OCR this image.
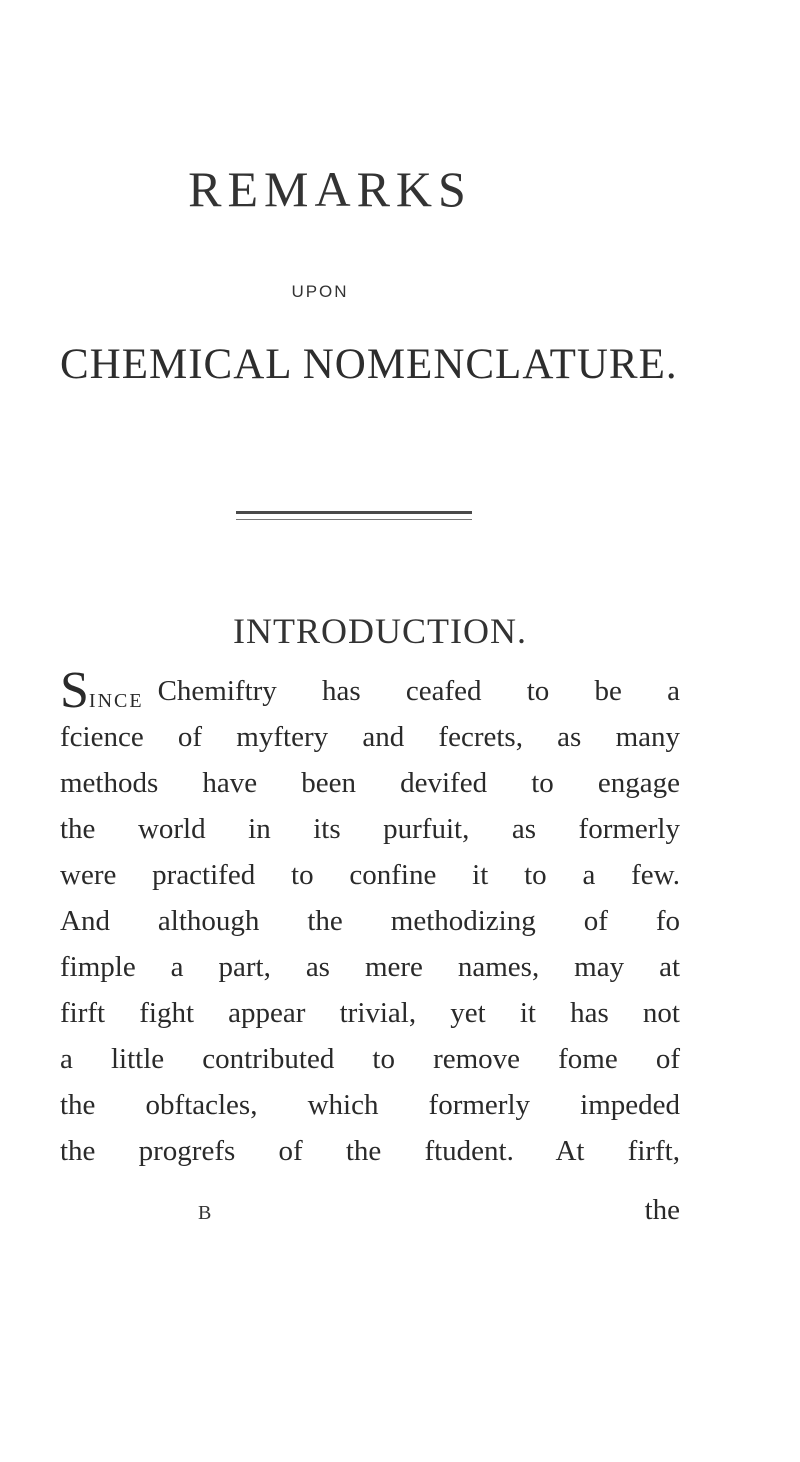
REMARKS
UPON
CHEMICAL NOMENCLATURE.
INTRODUCTION.
SINCE Chemiftry has ceafed to be a
fcience of myftery and fecrets, as many
methods have been devifed to engage
the world in its purfuit, as formerly
were practifed to confine it to a few.
And although the methodizing of fo
fimple a part, as mere names, may at
firft fight appear trivial, yet it has not
a little contributed to remove fome of
the obftacles, which formerly impeded
the progrefs of the ftudent. At firft,
B	the
